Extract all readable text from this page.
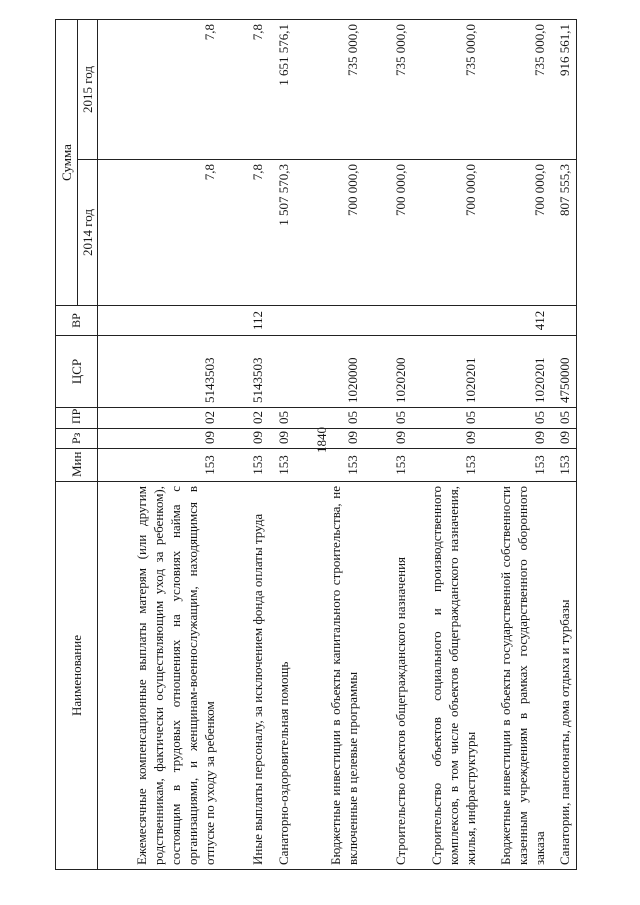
1840
Наименование	Мин	Рз	ПР	ЦСР	ВР	Сумма	
						2014 год	2015 год
Ежемесячные компенсационные выплаты матерям (или другим родственникам, фактически осуществляющим уход за ребенком), состоящим в трудовых отношениях на условиях найма с организациями, и женщинам-военнослужащим, находящимся в отпуске по уходу за ребенком	153	09	02	5143503		7,8	7,8
Иные выплаты персоналу, за исключением фонда оплаты труда	153	09	02	5143503	112	7,8	7,8
Санаторно-оздоровительная помощь	153	09	05			1 507 570,3	1 651 576,1
Бюджетные инвестиции в объекты капитального строительства, не включенные в целевые программы	153	09	05	1020000		700 000,0	735 000,0
Строительство объектов общегражданского назначения	153	09	05	1020200		700 000,0	735 000,0
Строительство объектов социального и производственного комплексов, в том числе объектов общегражданского назначения, жилья, инфраструктуры	153	09	05	1020201		700 000,0	735 000,0
Бюджетные инвестиции в объекты государственной собственности казенным учреждениям в рамках государственного оборонного заказа	153	09	05	1020201	412	700 000,0	735 000,0
Санатории, пансионаты, дома отдыха и турбазы	153	09	05	4750000		807 555,3	916 561,1
